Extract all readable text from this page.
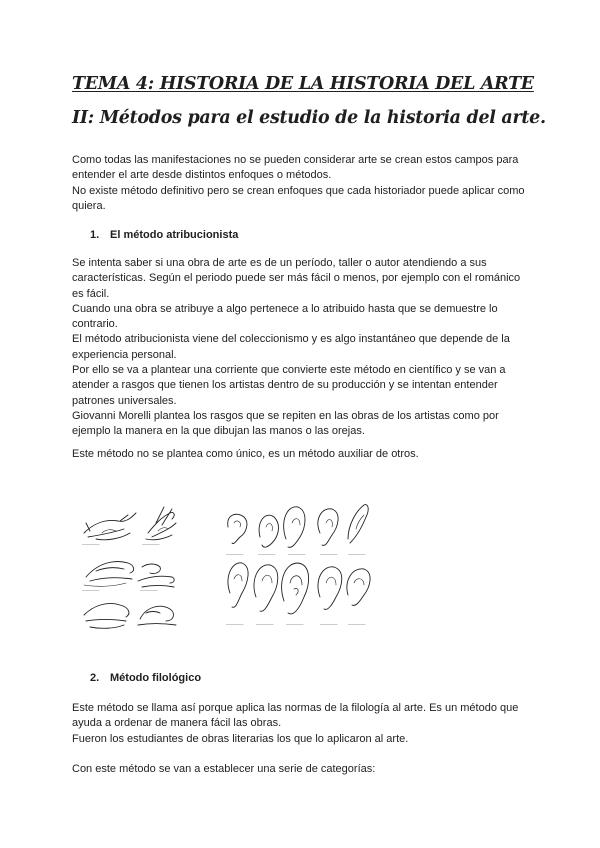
TEMA 4: HISTORIA DE LA HISTORIA DEL ARTE
II: Métodos para el estudio de la historia del arte.

Como todas las manifestaciones no se pueden considerar arte se crean estos campos para entender el arte desde distintos enfoques o métodos.

No existe método definitivo pero se crean enfoques que cada historiador puede aplicar como quiera.

1. El método atribucionista

Se intenta saber si una obra de arte es de un período, taller o autor atendiendo a sus características. Según el periodo puede ser más fácil o menos, por ejemplo con el románico es fácil.

Cuando una obra se atribuye a algo pertenece a lo atribuido hasta que se demuestre lo contrario.

El método atribucionista viene del coleccionismo y es algo instantáneo que depende de la experiencia personal.

Por ello se va a plantear una corriente que convierte este método en científico y se van a atender a rasgos que tienen los artistas dentro de su producción y se intentan entender patrones universales.

Giovanni Morelli plantea los rasgos que se repiten en las obras de los artistas como por ejemplo la manera en la que dibujan las manos o las orejas.

Este método no se plantea como único, es un método auxiliar de otros.
—————	—————	—————	—————	—————
—————	—————	—————	—————	—————
—————	—————
—————	—————
2. Método filológico

Este método se llama así porque aplica las normas de la filología al arte. Es un método que ayuda a ordenar de manera fácil las obras.

Fueron los estudiantes de obras literarias los que lo aplicaron al arte.

Con este método se van a establecer una serie de categorías:
